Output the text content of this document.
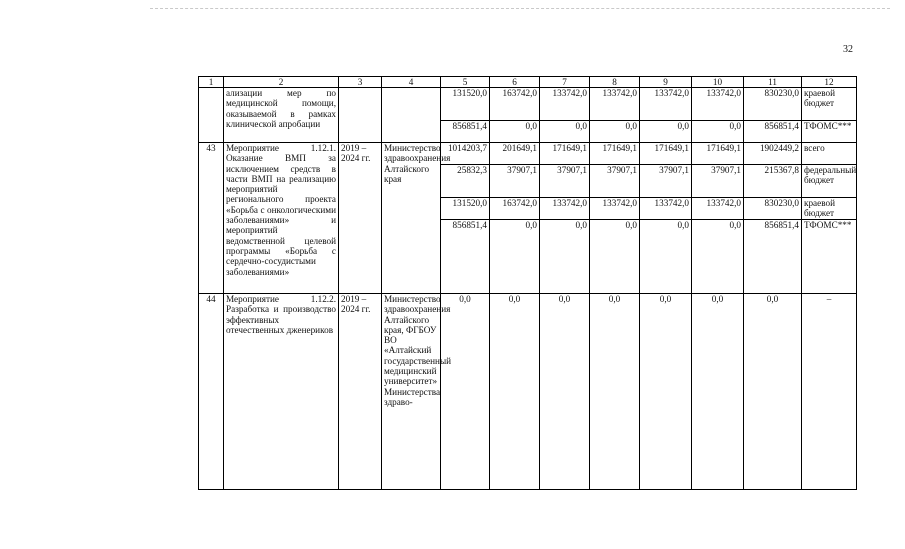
32
1	2	3	4	5	6	7	8	9	10	11	12
	ализации мер по медицинской помощи, оказываемой в рамках клинической апробации			131520,0	163742,0	133742,0	133742,0	133742,0	133742,0	830230,0	краевой бюджет
				856851,4	0,0	0,0	0,0	0,0	0,0	856851,4	ТФОМС***
43	Мероприятие 1.12.1. Оказание ВМП за исключением средств в части ВМП на реализацию мероприятий регионального проекта «Борьба с онкологическими заболеваниями» и мероприятий ведомственной целевой программы «Борьба с сердечно-сосудистыми заболеваниями»	2019 – 2024 гг.	Министерство здравоохранения Алтайского края	1014203,7	201649,1	171649,1	171649,1	171649,1	171649,1	1902449,2	всего
				25832,3	37907,1	37907,1	37907,1	37907,1	37907,1	215367,8	федеральный бюджет
				131520,0	163742,0	133742,0	133742,0	133742,0	133742,0	830230,0	краевой бюджет
				856851,4	0,0	0,0	0,0	0,0	0,0	856851,4	ТФОМС***
44	Мероприятие 1.12.2. Разработка и производство эффективных отечественных дженериков	2019 – 2024 гг.	Министерство здравоохранения Алтайского края, ФГБОУ ВО «Алтайский государственный медицинский университет» Министерства здраво-	0,0	0,0	0,0	0,0	0,0	0,0	0,0	–
